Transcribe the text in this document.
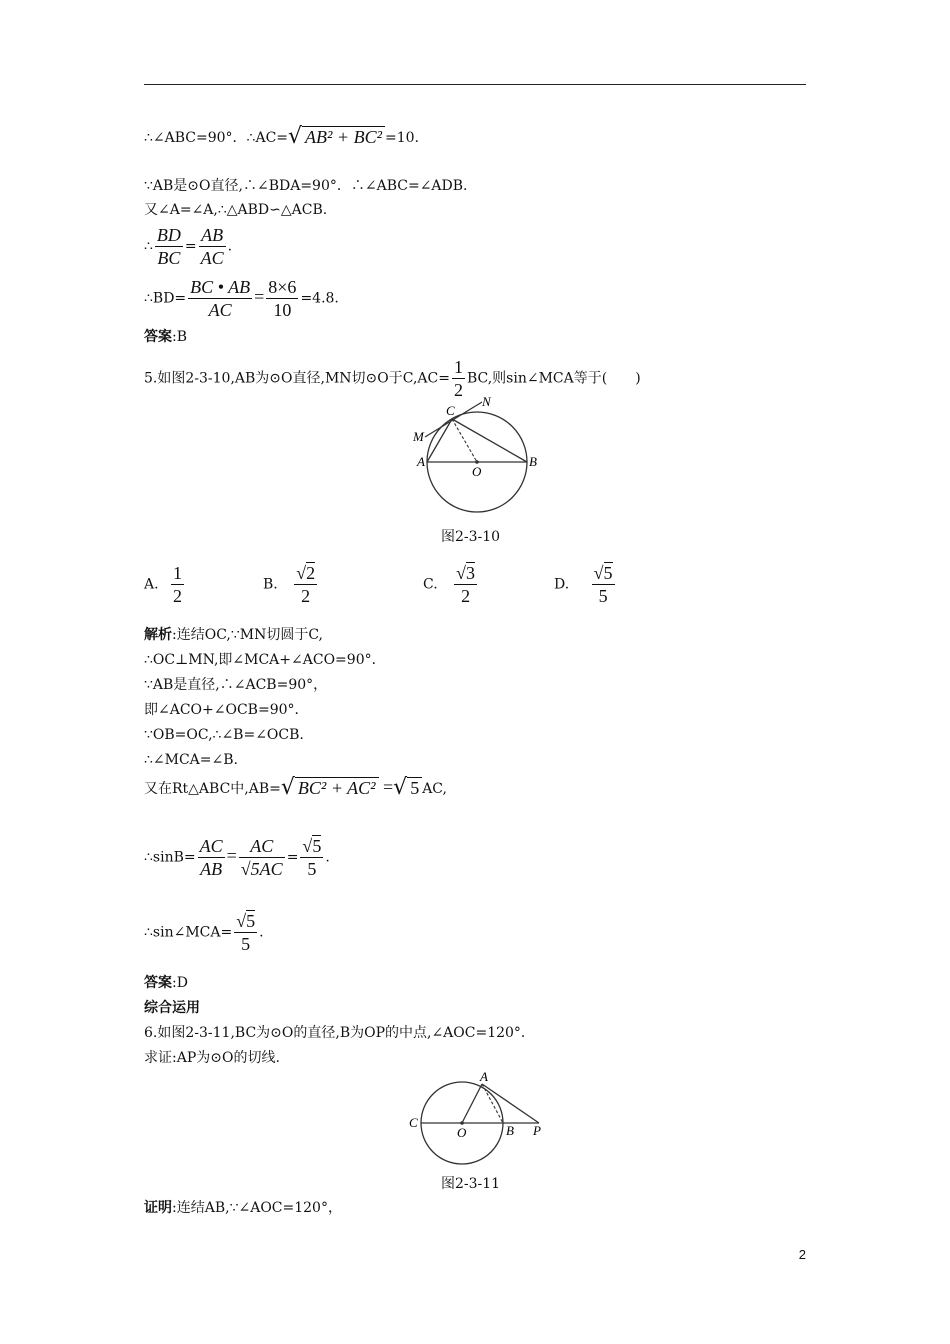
∴∠ABC=90°．∴AC=√ AB² + BC² =10.
∵AB是⊙O直径,∴∠BDA=90°．∴∠ABC=∠ADB.
又∠A=∠A,∴△ABD∽△ACB.
∴ $\frac{BD}{BC} = \frac{AB}{AC}$ .
∴BD= $\frac{BC • AB}{AC} = \frac{8\times 6}{10} =4.8$.
答案:B
5.如图2-3-10,AB为⊙O直径,MN切⊙O于$C,AC= \frac{1}{2}$ BC,则sin∠MCA等于(　　)
C
N
M
A
O
B
图2-3-10
A. $\frac{1}{2}$	B. $\frac{√2}{2}$	C. $\frac{√3}{2}$	D. $\frac{√5}{5}$
解析:连结OC,∵MN切圆于C,
∴OC⊥MN,即∠MCA+∠ACO=90°．
∵AB是直径,∴∠ACB=90°，
即∠ACO+∠OCB=90°．
∵OB=OC,∴∠B=∠OCB.
∴∠MCA=∠B.
又在Rt△ABC中,AB=√ BC² + AC² =√ 5 AC,
∴sinB= $\frac{AC}{AB} = \frac{AC}{√5AC} = \frac{√5}{5}$ .
∴sin∠MCA= $\frac{√5}{5}$ .
答案:D
综合运用
6.如图2-3-11,BC为⊙O的直径,B为OP的中点,∠AOC=120°．
求证:AP为⊙O的切线.
A
C
O	B P
图2-3-11
证明:连结AB,∵∠AOC=120°，
2
